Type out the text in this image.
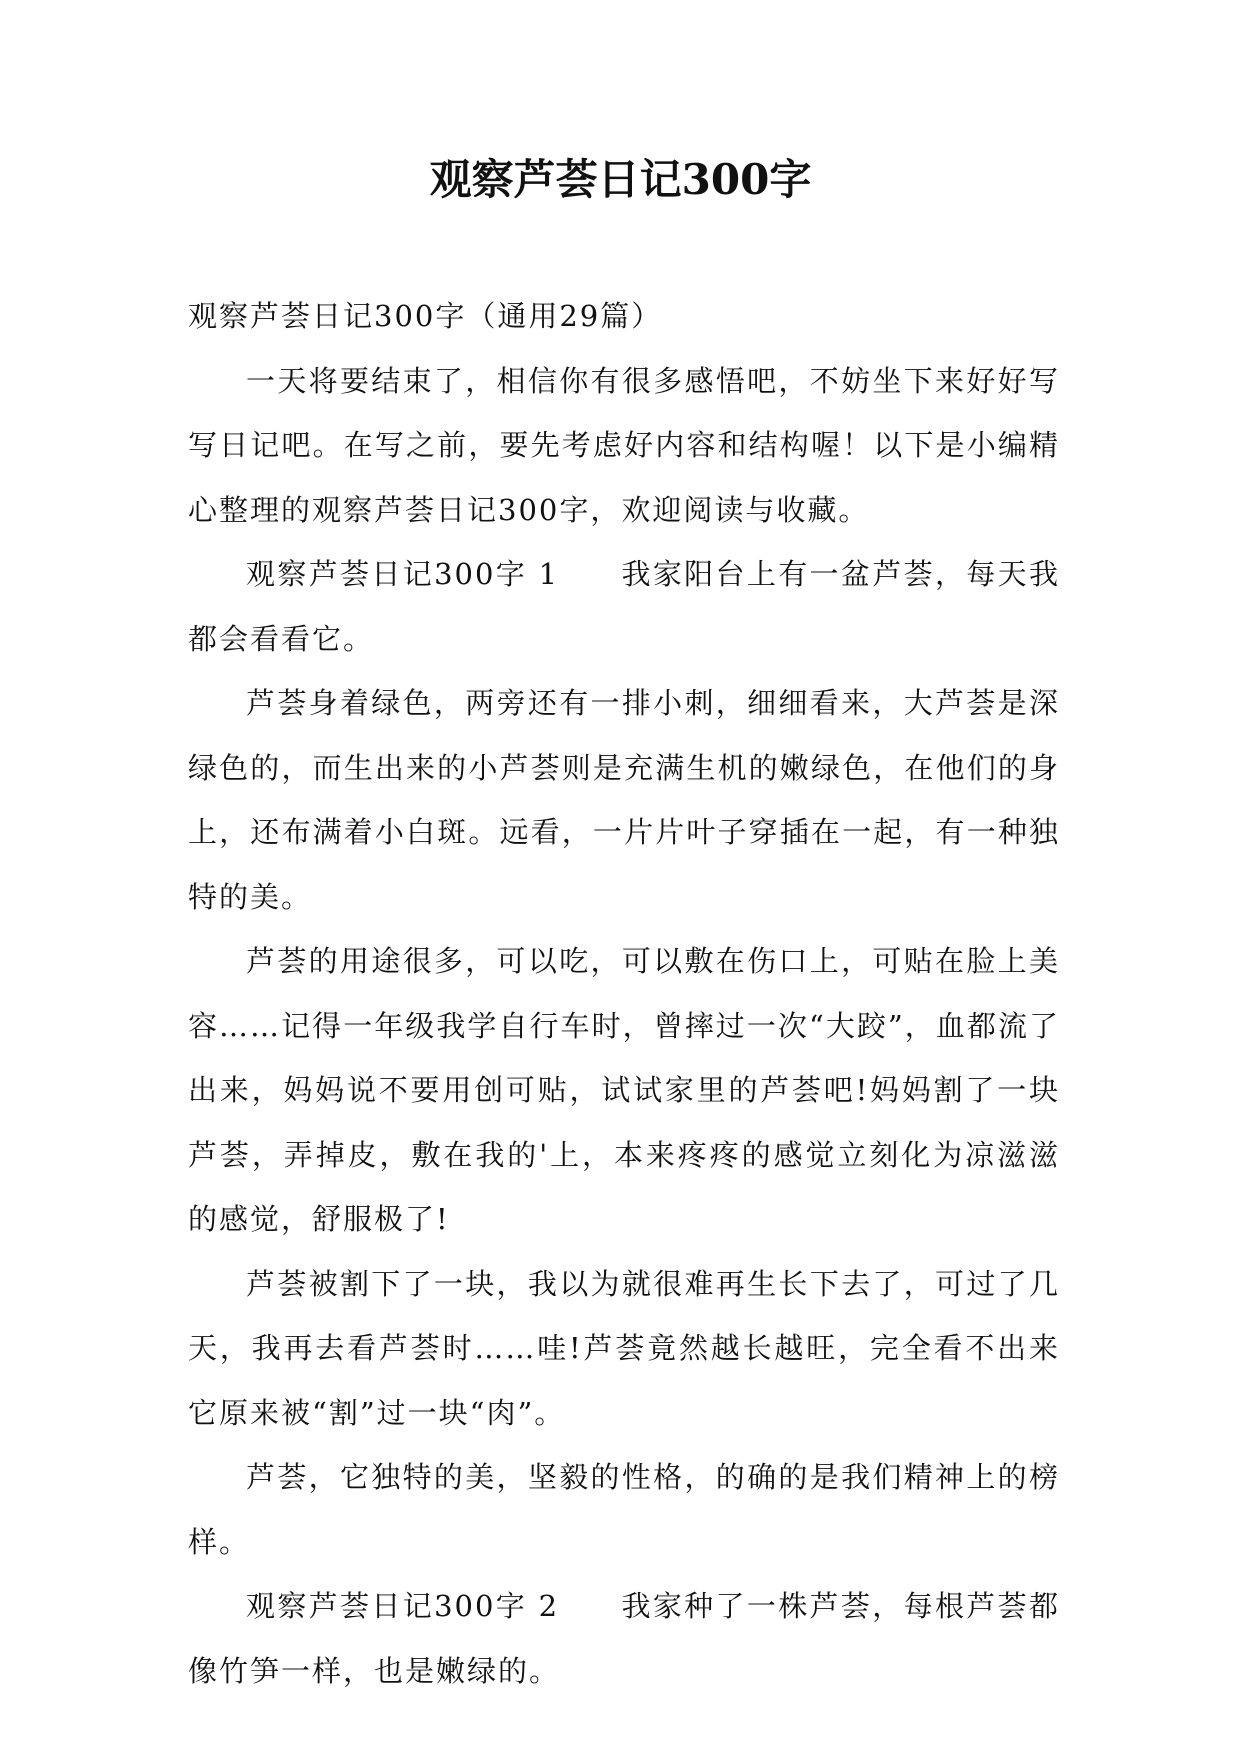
观察芦荟日记300字

观察芦荟日记300字（通用29篇）

一天将要结束了，相信你有很多感悟吧，不妨坐下来好好写写日记吧。在写之前，要先考虑好内容和结构喔！以下是小编精心整理的观察芦荟日记300字，欢迎阅读与收藏。

观察芦荟日记300字 1 我家阳台上有一盆芦荟，每天我都会看看它。

芦荟身着绿色，两旁还有一排小刺，细细看来，大芦荟是深绿色的，而生出来的小芦荟则是充满生机的嫩绿色，在他们的身上，还布满着小白斑。远看，一片片叶子穿插在一起，有一种独特的美。

芦荟的用途很多，可以吃，可以敷在伤口上，可贴在脸上美容……记得一年级我学自行车时，曾摔过一次“大跤”，血都流了出来，妈妈说不要用创可贴，试试家里的芦荟吧!妈妈割了一块芦荟，弄掉皮，敷在我的'上，本来疼疼的感觉立刻化为凉滋滋的感觉，舒服极了!

芦荟被割下了一块，我以为就很难再生长下去了，可过了几天，我再去看芦荟时……哇!芦荟竟然越长越旺，完全看不出来它原来被“割”过一块“肉”。

芦荟，它独特的美，坚毅的性格，的确的是我们精神上的榜样。

观察芦荟日记300字 2 我家种了一株芦荟，每根芦荟都像竹笋一样，也是嫩绿的。
